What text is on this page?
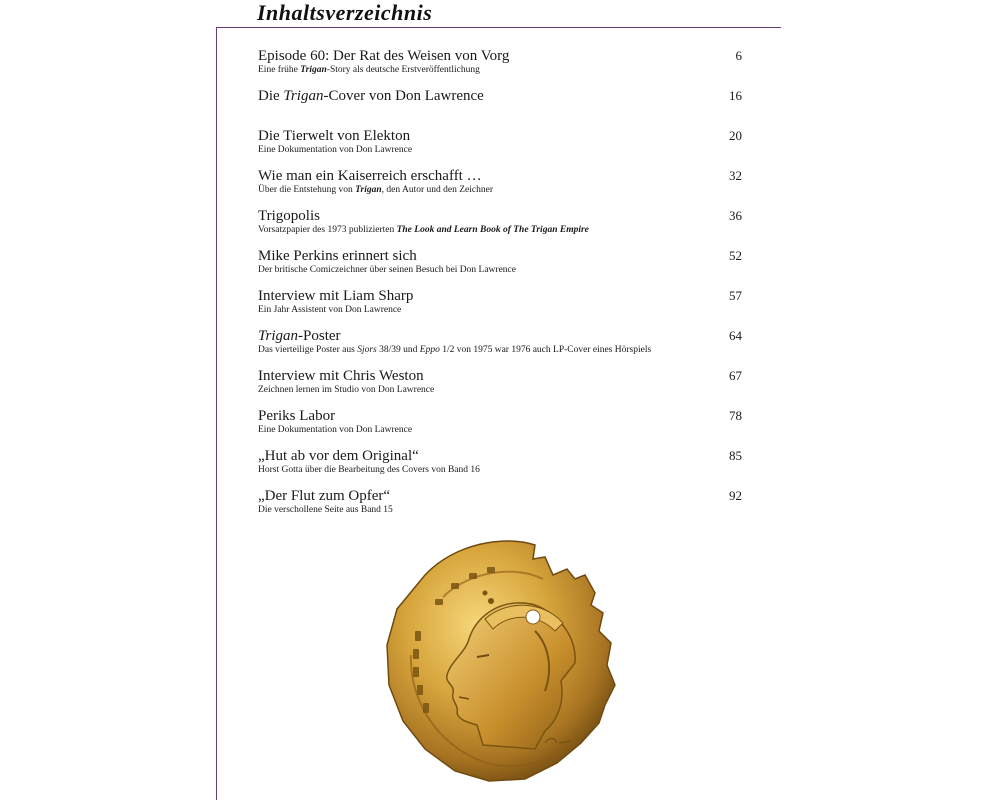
Inhaltsverzeichnis
Episode 60: Der Rat des Weisen von Vorg
Eine frühe Trigan-Story als deutsche Erstveröffentlichung
6
Die Trigan-Cover von Don Lawrence	16
Die Tierwelt von Elekton
Eine Dokumentation von Don Lawrence
20
Wie man ein Kaiserreich erschafft …
Über die Entstehung von Trigan, den Autor und den Zeichner
32
Trigopolis
Vorsatzpapier des 1973 publizierten The Look and Learn Book of The Trigan Empire
36
Mike Perkins erinnert sich
Der britische Comiczeichner über seinen Besuch bei Don Lawrence
52
Interview mit Liam Sharp
Ein Jahr Assistent von Don Lawrence
57
Trigan-Poster
Das vierteilige Poster aus Sjors 38/39 und Eppo 1/2 von 1975 war 1976 auch LP-Cover eines Hörspiels
64
Interview mit Chris Weston
Zeichnen lernen im Studio von Don Lawrence
67
Periks Labor
Eine Dokumentation von Don Lawrence
78
„Hut ab vor dem Original“
Horst Gotta über die Bearbeitung des Covers von Band 16
85
„Der Flut zum Opfer“
Die verschollene Seite aus Band 15
92
